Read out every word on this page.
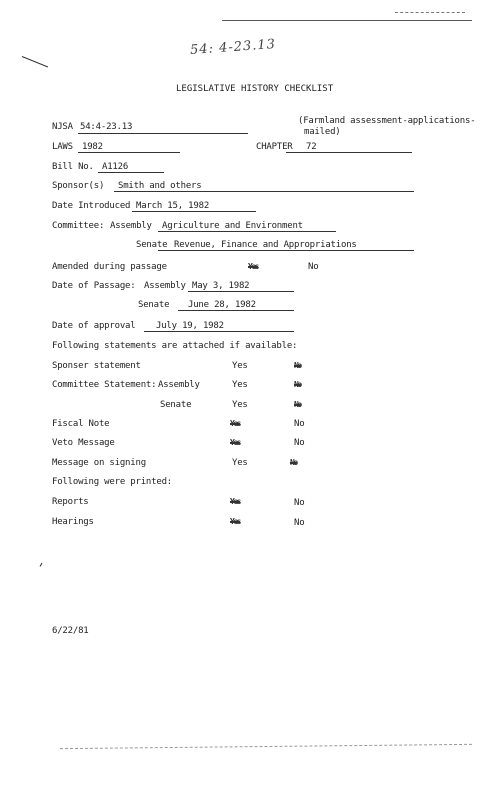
54: 4-23.13
LEGISLATIVE HISTORY CHECKLIST
NJSA 54:4-23.13
(Farmland assessment-applications-
mailed)
LAWS 1982	CHAPTER 72
Bill No. A1126
Sponsor(s) Smith and others
Date Introduced March 15, 1982
Committee: Assembly Agriculture and Environment
Senate Revenue, Finance and Appropriations
Amended during passage	Yes	No
Date of Passage: Assembly May 3, 1982
Senate June 28, 1982
Date of approval July 19, 1982
Following statements are attached if available:
Sponser statement	Yes	No
Committee Statement: Assembly	Yes	No
Senate	Yes	No
Fiscal Note	Yes	No
Veto Message	Yes	No
Message on signing	Yes	No
Following were printed:
Reports	Yes	No
Hearings	Yes	No
6/22/81
